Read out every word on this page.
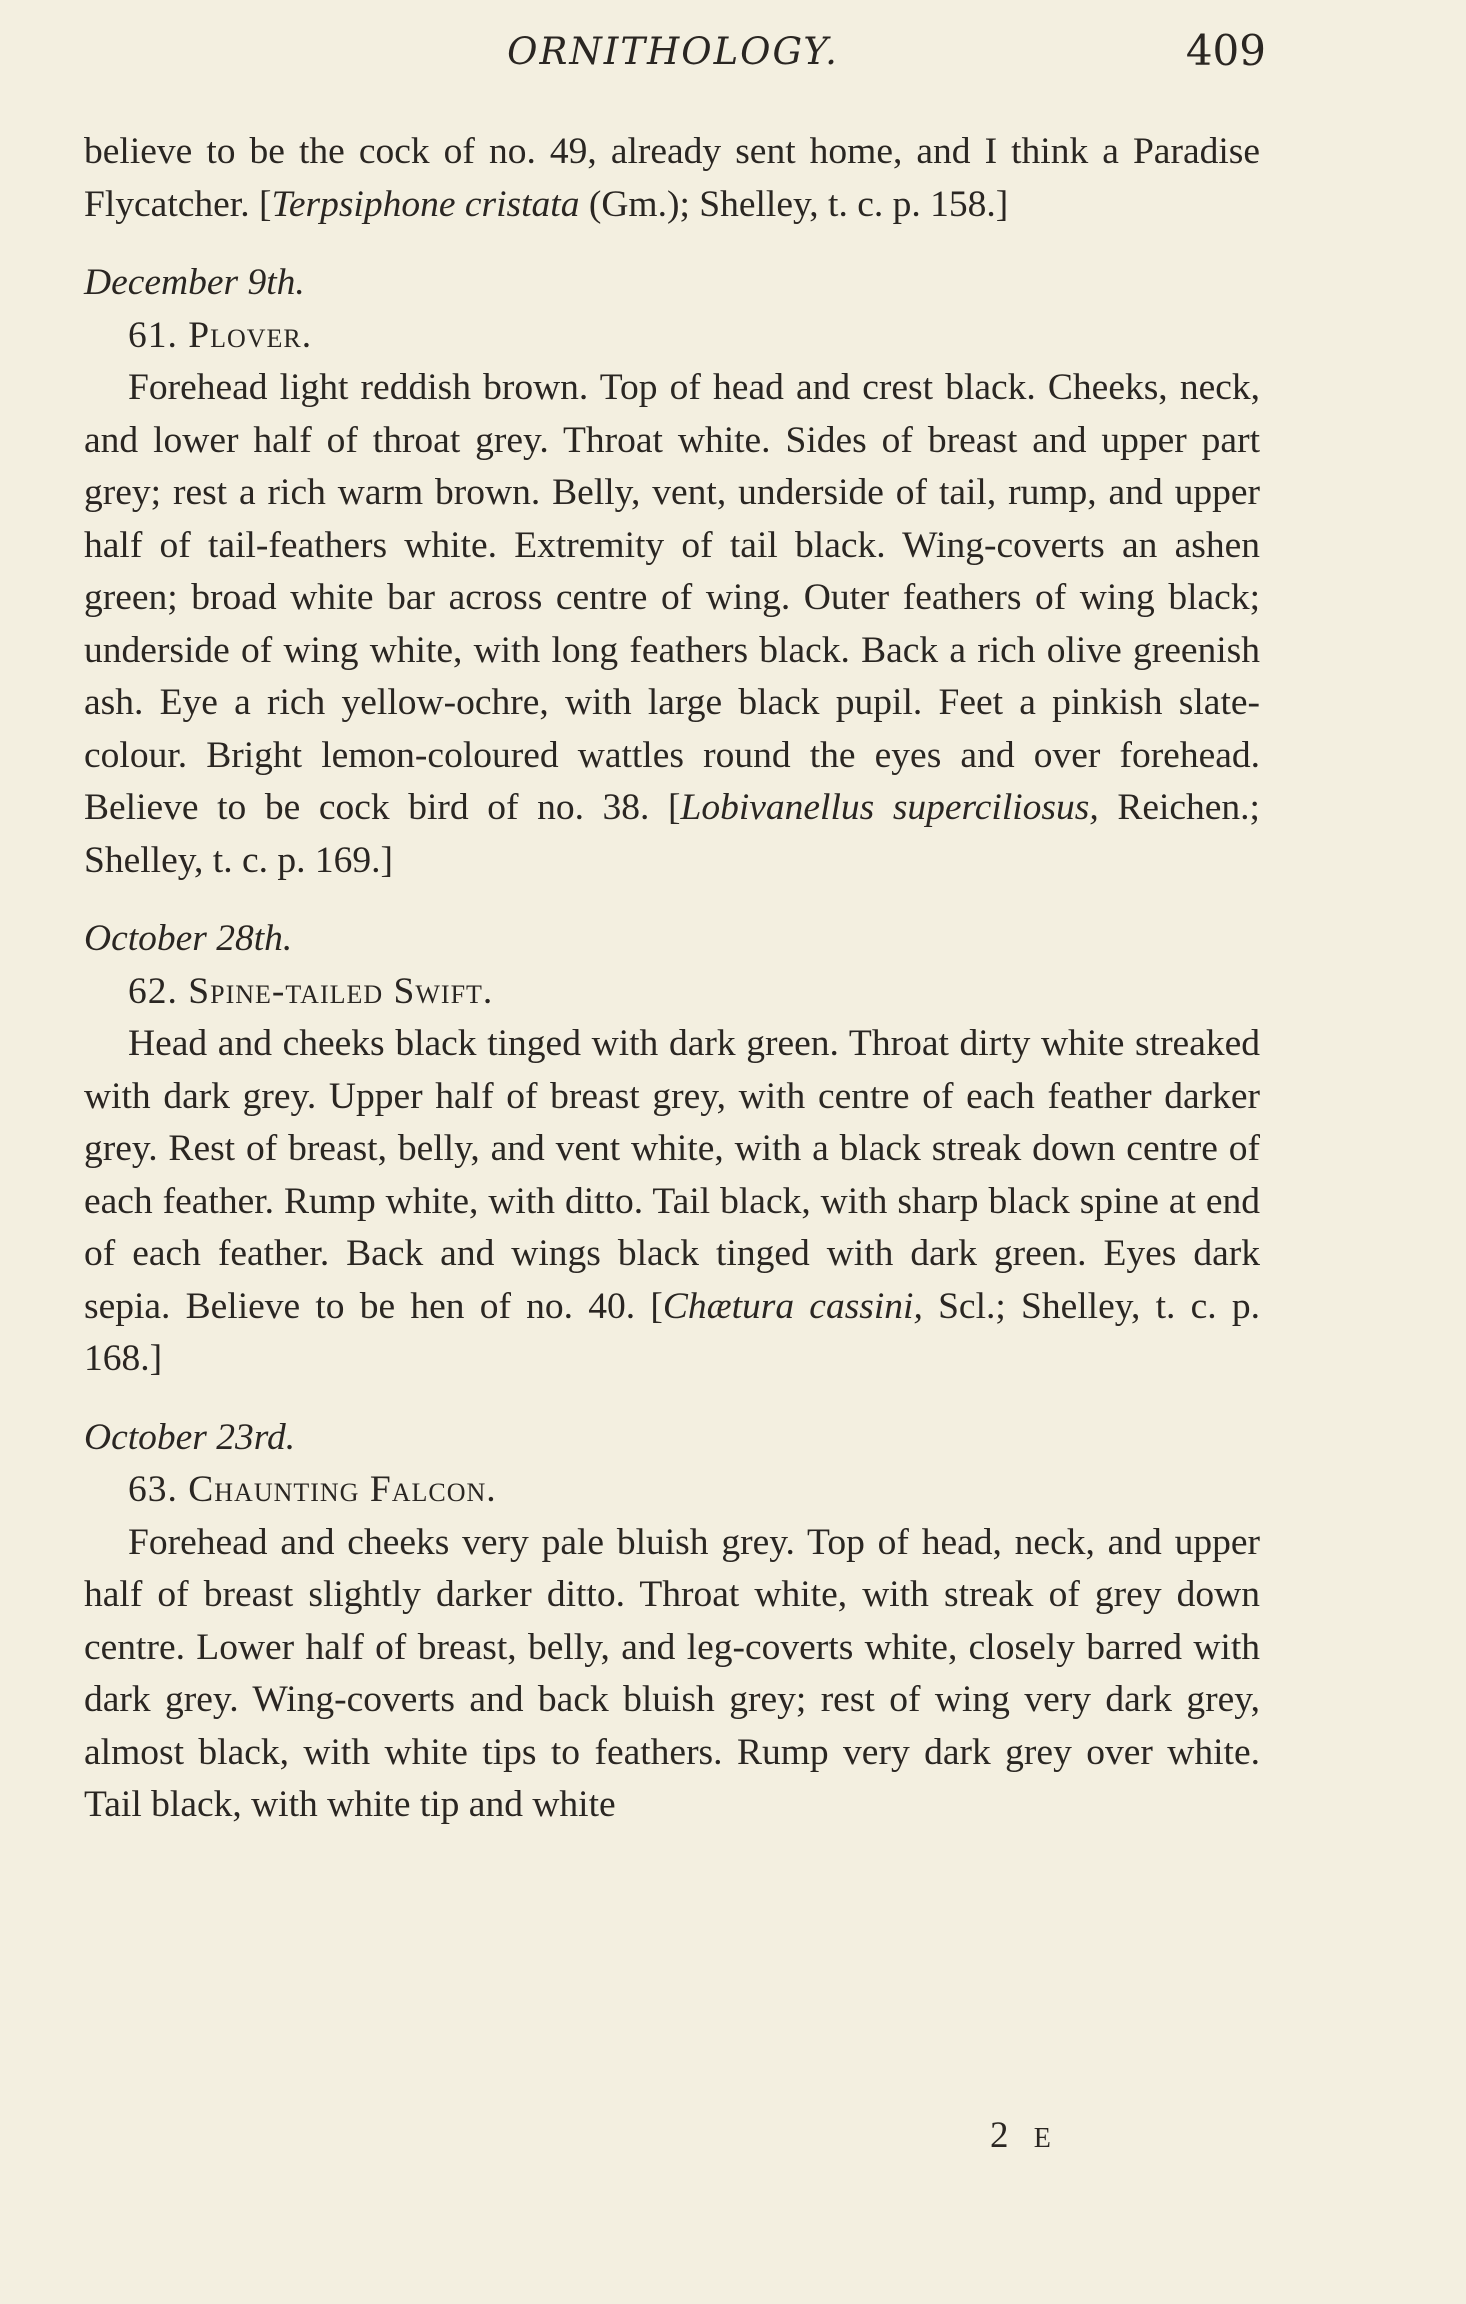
ORNITHOLOGY.	409

believe to be the cock of no. 49, already sent home, and I think a Paradise Flycatcher. [Terpsiphone cristata (Gm.); Shelley, t. c. p. 158.]

December 9th.

61. Plover.

Forehead light reddish brown. Top of head and crest black. Cheeks, neck, and lower half of throat grey. Throat white. Sides of breast and upper part grey; rest a rich warm brown. Belly, vent, underside of tail, rump, and upper half of tail-feathers white. Extremity of tail black. Wing-coverts an ashen green; broad white bar across centre of wing. Outer feathers of wing black; underside of wing white, with long feathers black. Back a rich olive greenish ash. Eye a rich yellow-ochre, with large black pupil. Feet a pinkish slate-colour. Bright lemon-coloured wattles round the eyes and over forehead. Believe to be cock bird of no. 38. [Lobivanellus superciliosus, Reichen.; Shelley, t. c. p. 169.]

October 28th.

62. Spine-tailed Swift.

Head and cheeks black tinged with dark green. Throat dirty white streaked with dark grey. Upper half of breast grey, with centre of each feather darker grey. Rest of breast, belly, and vent white, with a black streak down centre of each feather. Rump white, with ditto. Tail black, with sharp black spine at end of each feather. Back and wings black tinged with dark green. Eyes dark sepia. Believe to be hen of no. 40. [Chætura cassini, Scl.; Shelley, t. c. p. 168.]

October 23rd.

63. Chaunting Falcon.

Forehead and cheeks very pale bluish grey. Top of head, neck, and upper half of breast slightly darker ditto. Throat white, with streak of grey down centre. Lower half of breast, belly, and leg-coverts white, closely barred with dark grey. Wing-coverts and back bluish grey; rest of wing very dark grey, almost black, with white tips to feathers. Rump very dark grey over white. Tail black, with white tip and white

2 E
